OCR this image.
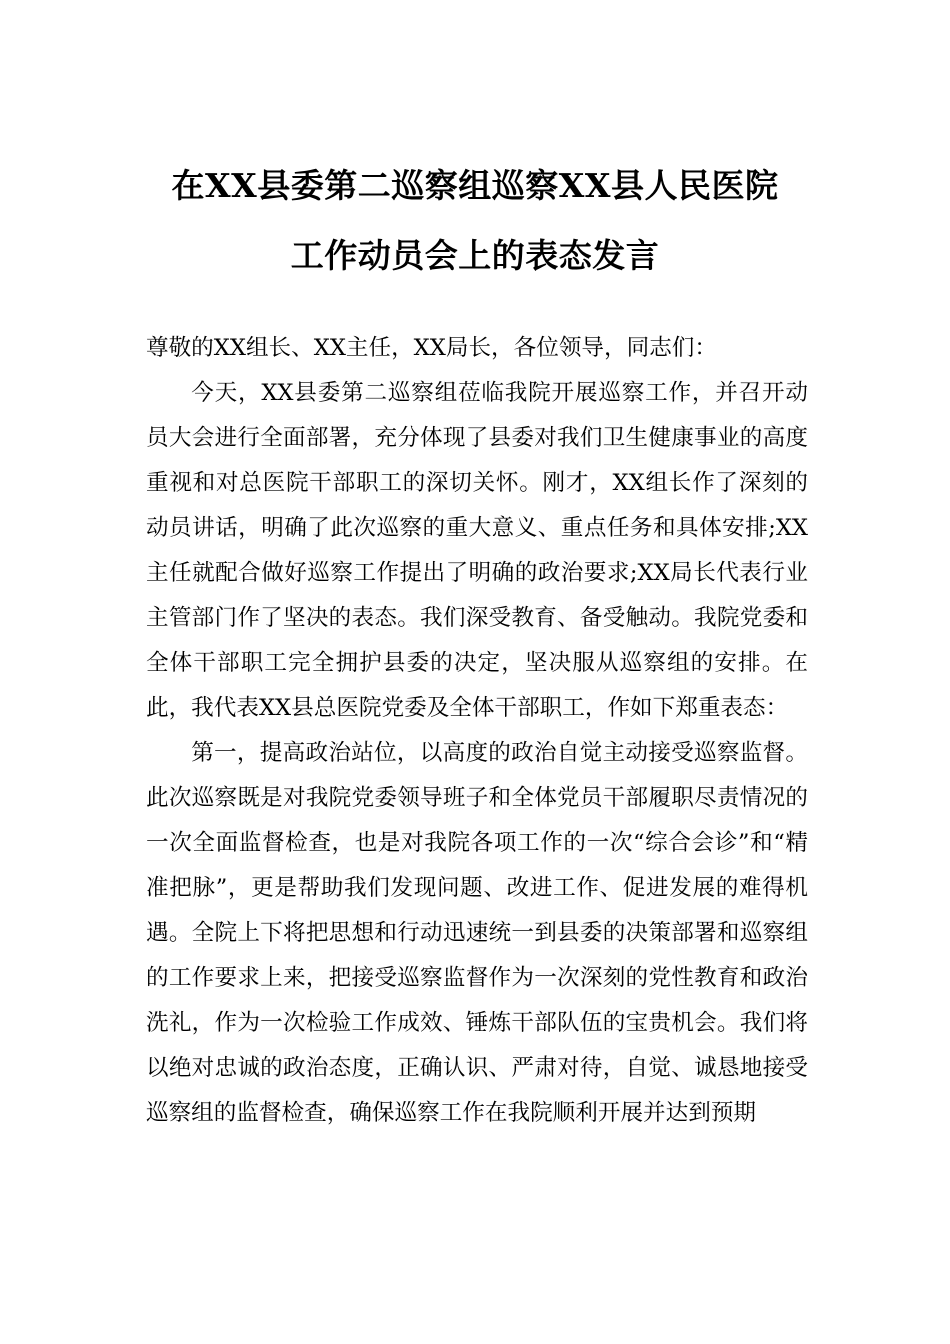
在XX县委第二巡察组巡察XX县人民医院
工作动员会上的表态发言

尊敬的XX组长、XX主任，XX局长，各位领导，同志们：

今天，XX县委第二巡察组莅临我院开展巡察工作，并召开动员大会进行全面部署，充分体现了县委对我们卫生健康事业的高度重视和对总医院干部职工的深切关怀。刚才，XX组长作了深刻的动员讲话，明确了此次巡察的重大意义、重点任务和具体安排;XX主任就配合做好巡察工作提出了明确的政治要求;XX局长代表行业主管部门作了坚决的表态。我们深受教育、备受触动。我院党委和全体干部职工完全拥护县委的决定，坚决服从巡察组的安排。在此，我代表XX县总医院党委及全体干部职工，作如下郑重表态：

第一，提高政治站位，以高度的政治自觉主动接受巡察监督。此次巡察既是对我院党委领导班子和全体党员干部履职尽责情况的一次全面监督检查，也是对我院各项工作的一次“综合会诊”和“精准把脉”，更是帮助我们发现问题、改进工作、促进发展的难得机遇。全院上下将把思想和行动迅速统一到县委的决策部署和巡察组的工作要求上来，把接受巡察监督作为一次深刻的党性教育和政治洗礼，作为一次检验工作成效、锤炼干部队伍的宝贵机会。我们将以绝对忠诚的政治态度，正确认识、严肃对待，自觉、诚恳地接受巡察组的监督检查，确保巡察工作在我院顺利开展并达到预期
